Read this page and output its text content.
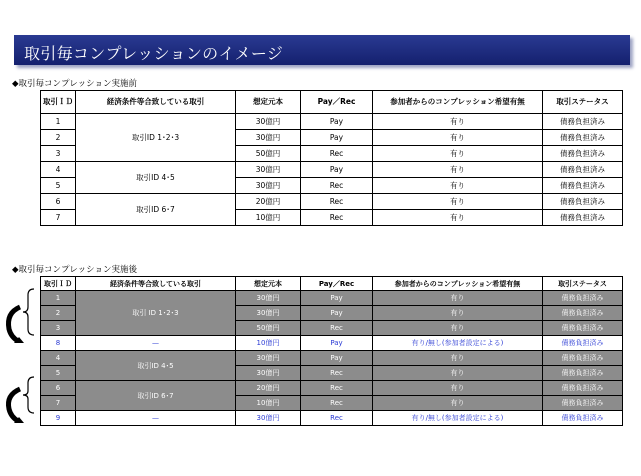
取引毎コンプレッションのイメージ
◆取引毎コンプレッション実施前
取引ＩＤ	経済条件等合致している取引	想定元本	Pay／Rec	参加者からのコンプレッション希望有無	取引ステータス
1	取引ID 1･2･3	30億円	Pay	有り	債務負担済み
2		30億円	Pay	有り	債務負担済み
3		50億円	Rec	有り	債務負担済み
4	取引ID 4･5	30億円	Pay	有り	債務負担済み
5		30億円	Rec	有り	債務負担済み
6	取引ID 6･7	20億円	Rec	有り	債務負担済み
7		10億円	Rec	有り	債務負担済み
◆取引毎コンプレッション実施後
取引ＩＤ	経済条件等合致している取引	想定元本	Pay／Rec	参加者からのコンプレッション希望有無	取引ステータス
1	取引 ID 1･2･3	30億円	Pay	有り	債務負担済み
2		30億円	Pay	有り	債務負担済み
3		50億円	Rec	有り	債務負担済み
8	—	10億円	Pay	有り/無し(参加者設定による)	債務負担済み
4	取引ID 4･5	30億円	Pay	有り	債務負担済み
5		30億円	Rec	有り	債務負担済み
6	取引ID 6･7	20億円	Rec	有り	債務負担済み
7		10億円	Rec	有り	債務負担済み
9	—	30億円	Rec	有り/無し(参加者設定による)	債務負担済み
